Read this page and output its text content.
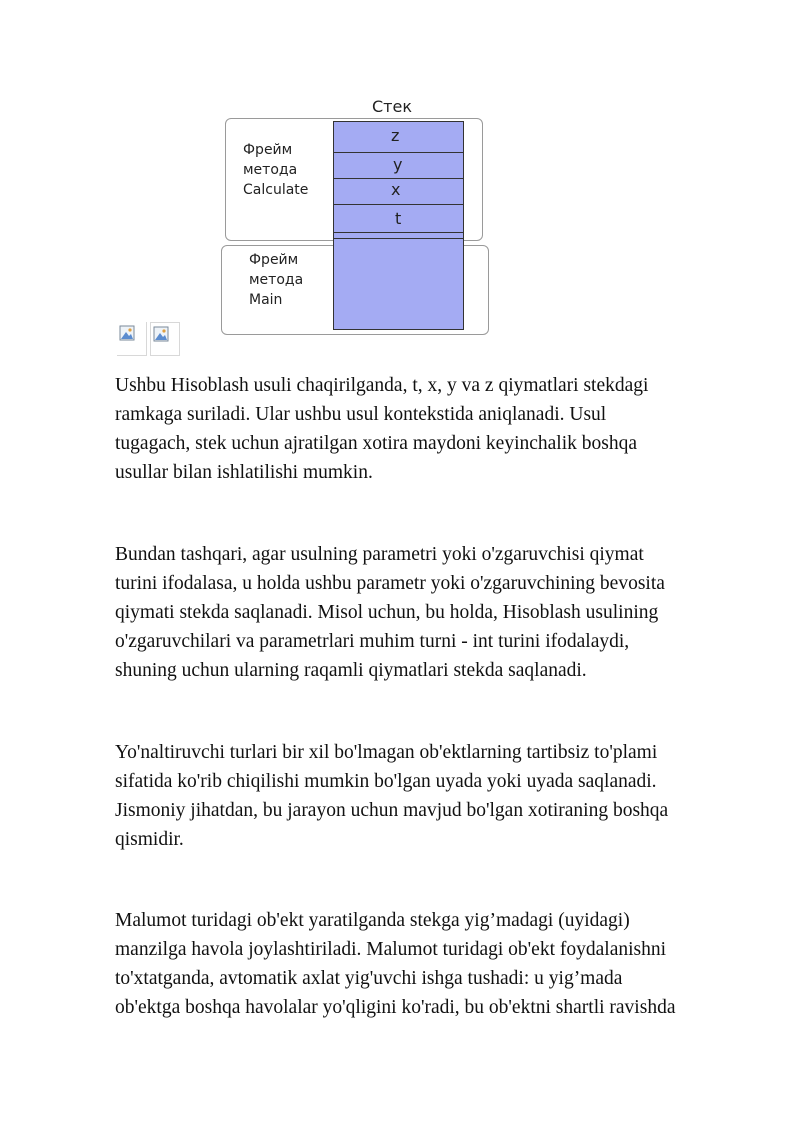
Стек
Фрейм
метода
Calculate
Фрейм
метода
Main
z
y
x
t

Ushbu Hisoblash usuli chaqirilganda, t, x, y va z qiymatlari stekdagi
ramkaga suriladi. Ular ushbu usul kontekstida aniqlanadi. Usul
tugagach, stek uchun ajratilgan xotira maydoni keyinchalik boshqa
usullar bilan ishlatilishi mumkin.

Bundan tashqari, agar usulning parametri yoki o'zgaruvchisi qiymat
turini ifodalasa, u holda ushbu parametr yoki o'zgaruvchining bevosita
qiymati stekda saqlanadi. Misol uchun, bu holda, Hisoblash usulining
o'zgaruvchilari va parametrlari muhim turni - int turini ifodalaydi,
shuning uchun ularning raqamli qiymatlari stekda saqlanadi.

Yo'naltiruvchi turlari bir xil bo'lmagan ob'ektlarning tartibsiz to'plami
sifatida ko'rib chiqilishi mumkin bo'lgan uyada yoki uyada saqlanadi.
Jismoniy jihatdan, bu jarayon uchun mavjud bo'lgan xotiraning boshqa
qismidir.

Malumot turidagi ob'ekt yaratilganda stekga yig’madagi (uyidagi)
manzilga havola joylashtiriladi. Malumot turidagi ob'ekt foydalanishni
to'xtatganda, avtomatik axlat yig'uvchi ishga tushadi: u yig’mada
ob'ektga boshqa havolalar yo'qligini ko'radi, bu ob'ektni shartli ravishda
